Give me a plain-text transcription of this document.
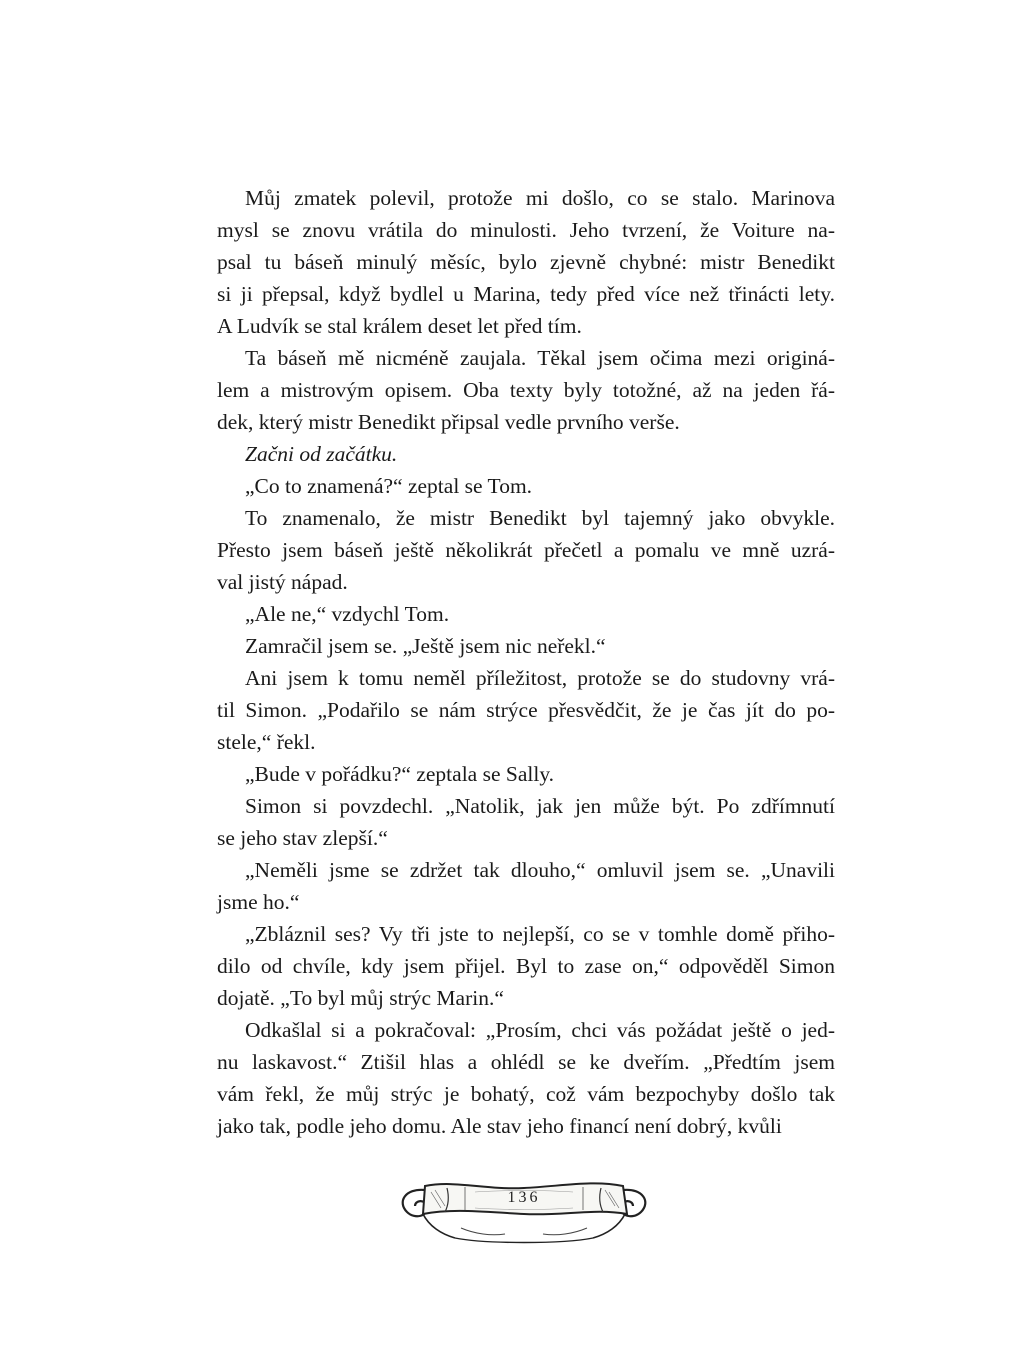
Můj zmatek polevil, protože mi došlo, co se stalo. Marinova
mysl se znovu vrátila do minulosti. Jeho tvrzení, že Voiture na-
psal tu báseň minulý měsíc, bylo zjevně chybné: mistr Benedikt
si ji přepsal, když bydlel u Marina, tedy před více než třinácti lety.
A Ludvík se stal králem deset let před tím.

Ta báseň mě nicméně zaujala. Těkal jsem očima mezi originá-
lem a mistrovým opisem. Oba texty byly totožné, až na jeden řá-
dek, který mistr Benedikt připsal vedle prvního verše.

Začni od začátku.

„Co to znamená?“ zeptal se Tom.

To znamenalo, že mistr Benedikt byl tajemný jako obvykle.
Přesto jsem báseň ještě několikrát přečetl a pomalu ve mně uzrá-
val jistý nápad.

„Ale ne,“ vzdychl Tom.

Zamračil jsem se. „Ještě jsem nic neřekl.“

Ani jsem k tomu neměl příležitost, protože se do studovny vrá-
til Simon. „Podařilo se nám strýce přesvědčit, že je čas jít do po-
stele,“ řekl.

„Bude v pořádku?“ zeptala se Sally.

Simon si povzdechl. „Natolik, jak jen může být. Po zdřímnutí
se jeho stav zlepší.“

„Neměli jsme se zdržet tak dlouho,“ omluvil jsem se. „Unavili
jsme ho.“

„Zbláznil ses? Vy tři jste to nejlepší, co se v tomhle domě přiho-
dilo od chvíle, kdy jsem přijel. Byl to zase on,“ odpověděl Simon
dojatě. „To byl můj strýc Marin.“

Odkašlal si a pokračoval: „Prosím, chci vás požádat ještě o jed-
nu laskavost.“ Ztišil hlas a ohlédl se ke dveřím. „Předtím jsem
vám řekl, že můj strýc je bohatý, což vám bezpochyby došlo tak
jako tak, podle jeho domu. Ale stav jeho financí není dobrý, kvůli

136
